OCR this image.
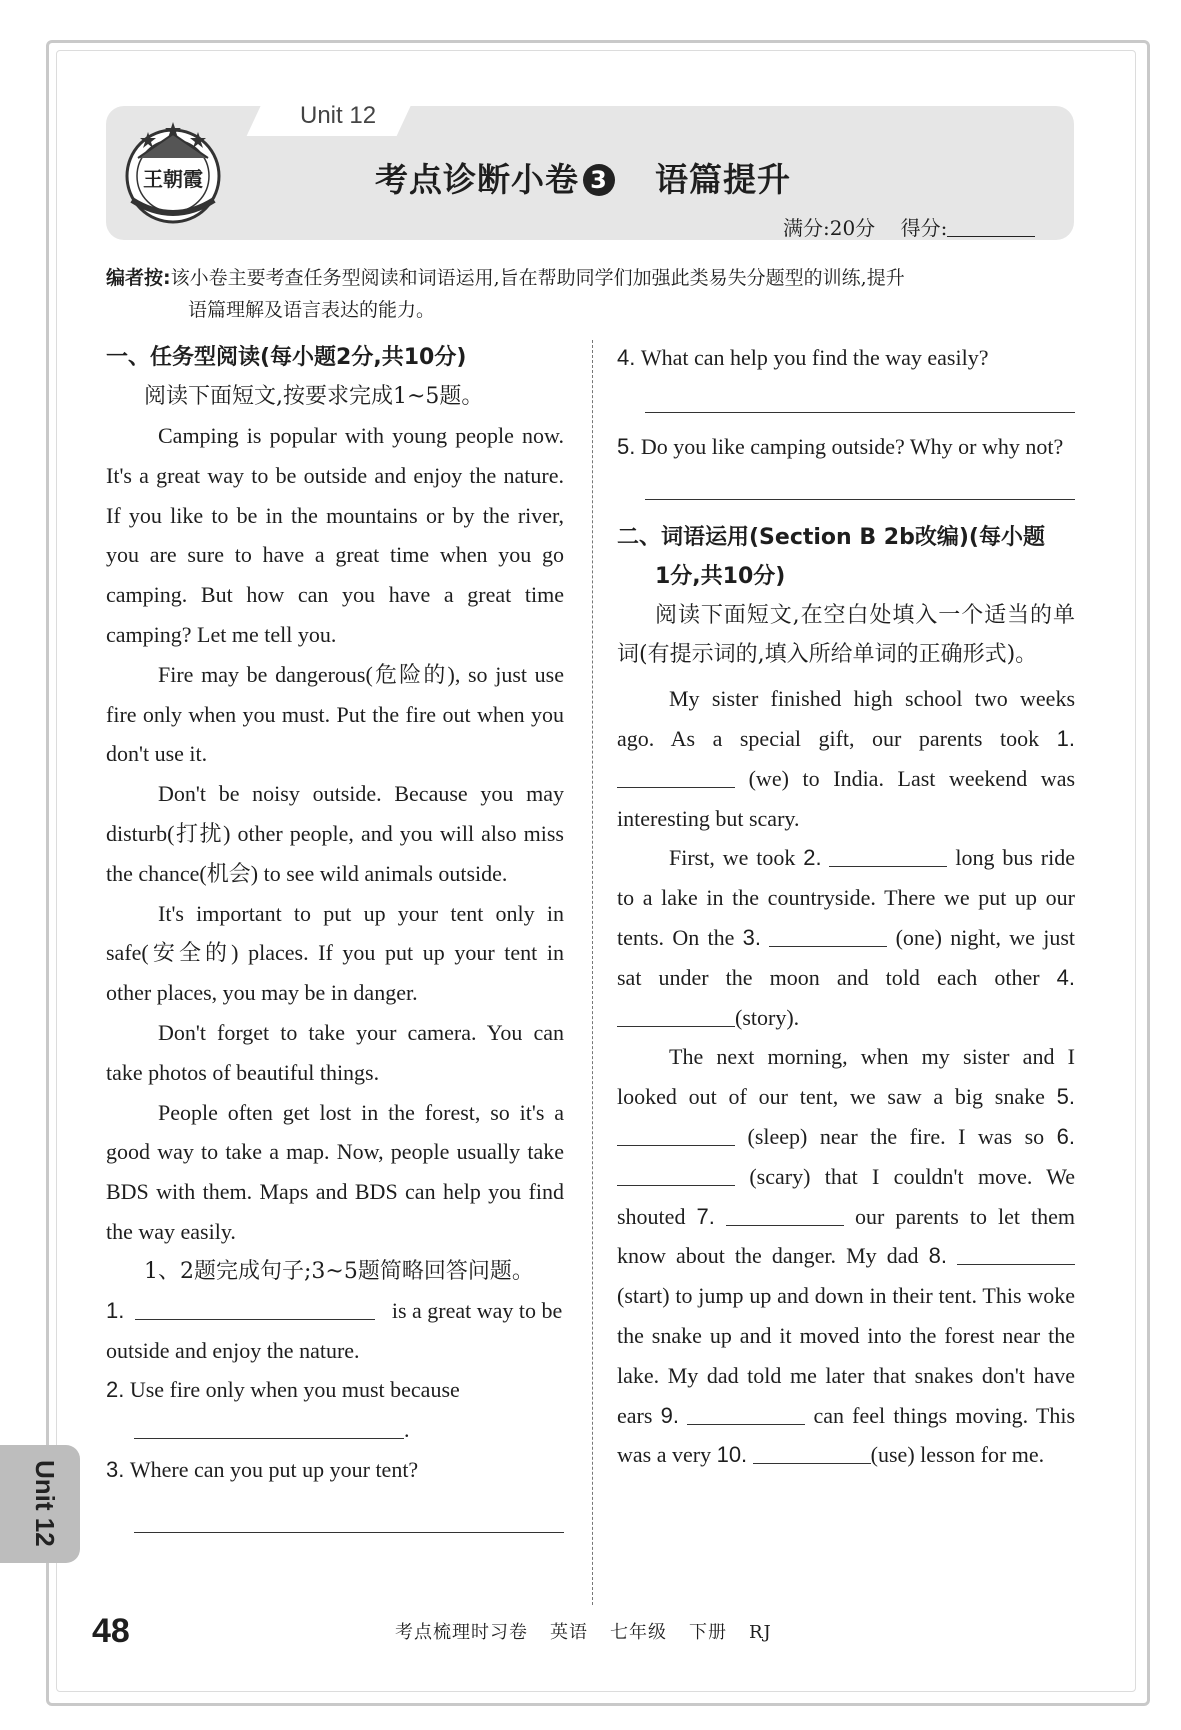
Unit 12
王朝霞	考点诊断小卷 3 语篇提升
满分:20分 得分:
编者按:该小卷主要考查任务型阅读和词语运用,旨在帮助同学们加强此类易失分题型的训练,提升
语篇理解及语言表达的能力。
一、任务型阅读(每小题2分,共10分)
阅读下面短文,按要求完成1~5题。

Camping is popular with young people now. It's a great way to be outside and enjoy the nature. If you like to be in the mountains or by the river, you are sure to have a great time when you go camping. But how can you have a great time camping? Let me tell you.

Fire may be dangerous(危险的), so just use fire only when you must. Put the fire out when you don't use it.

Don't be noisy outside. Because you may disturb(打扰) other people, and you will also miss the chance(机会) to see wild animals outside.

It's important to put up your tent only in safe(安全的) places. If you put up your tent in other places, you may be in danger.

Don't forget to take your camera. You can take photos of beautiful things.

People often get lost in the forest, so it's a good way to take a map. Now, people usually take BDS with them. Maps and BDS can help you find the way easily.

1、2题完成句子;3~5题简略回答问题。

1.	is a great way to be outside and enjoy the nature.

2. Use fire only when you must because

.

3. Where can you put up your tent?

4. What can help you find the way easily?

5. Do you like camping outside? Why or why not?

二、词语运用(Section B 2b改编)(每小题
1分,共10分)

阅读下面短文,在空白处填入一个适当的单词(有提示词的,填入所给单词的正确形式)。

My sister finished high school two weeks ago. As a special gift, our parents took 1.  (we) to India. Last weekend was interesting but scary.

First, we took 2.	long bus ride to a lake in the countryside. There we put up our tents. On the 3.	(one) night, we just sat under the moon and told each other 4. (story).

The next morning, when my sister and I looked out of our tent, we saw a big snake 5.  (sleep) near the fire. I was so 6.  (scary) that I couldn't move. We shouted 7.	our parents to let them know about the danger. My dad 8.  (start) to jump up and down in their tent. This woke the snake up and it moved into the forest near the lake. My dad told me later that snakes don't have ears 9.	can feel things moving. This was a very 10.	(use) lesson for me.

Unit 12
48	考点梳理时习卷 英语 七年级 下册 RJ
